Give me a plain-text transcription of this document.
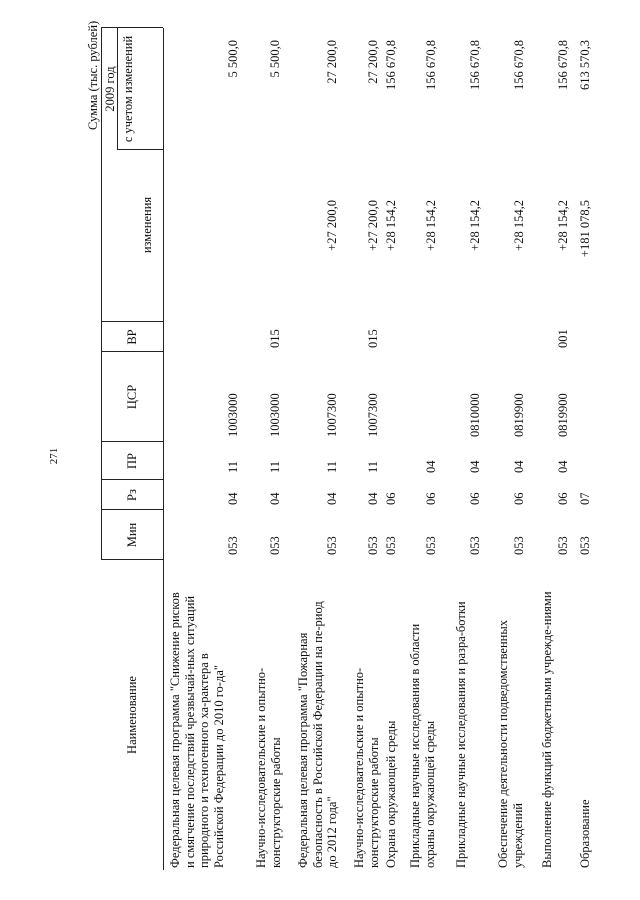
271
Сумма (тыс. рублей)
Наименование
Мин
Рз
ПР
ЦСР
ВР
2009 год
изменения
с учетом изменений
Федеральная целевая программа "Снижение рисков и смягчение последствий чрезвычай-ных ситуаций природного и техногенного ха-рактера в Российской Федерации до 2010 го-да"
053
04
11
1003000
5 500,0
Научно-исследовательские и опытно-конструкторские работы
053
04
11
1003000
015
5 500,0
Федеральная целевая программа "Пожарная безопасность в Российской Федерации на пе-риод до 2012 года"
053
04
11
1007300
+27 200,0
27 200,0
Научно-исследовательские и опытно-конструкторские работы
053
04
11
1007300
015
+27 200,0
27 200,0
Охрана окружающей среды
053
06
+28 154,2
156 670,8
Прикладные научные исследования в области охраны окружающей среды
053
06
04
+28 154,2
156 670,8
Прикладные научные исследования и разра-ботки
053
06
04
0810000
+28 154,2
156 670,8
Обеспечение деятельности подведомственных учреждений
053
06
04
0819900
+28 154,2
156 670,8
Выполнение функций бюджетными учрежде-ниями
053
06
04
0819900
001
+28 154,2
156 670,8
Образование
053
07
+181 078,5
613 570,3
